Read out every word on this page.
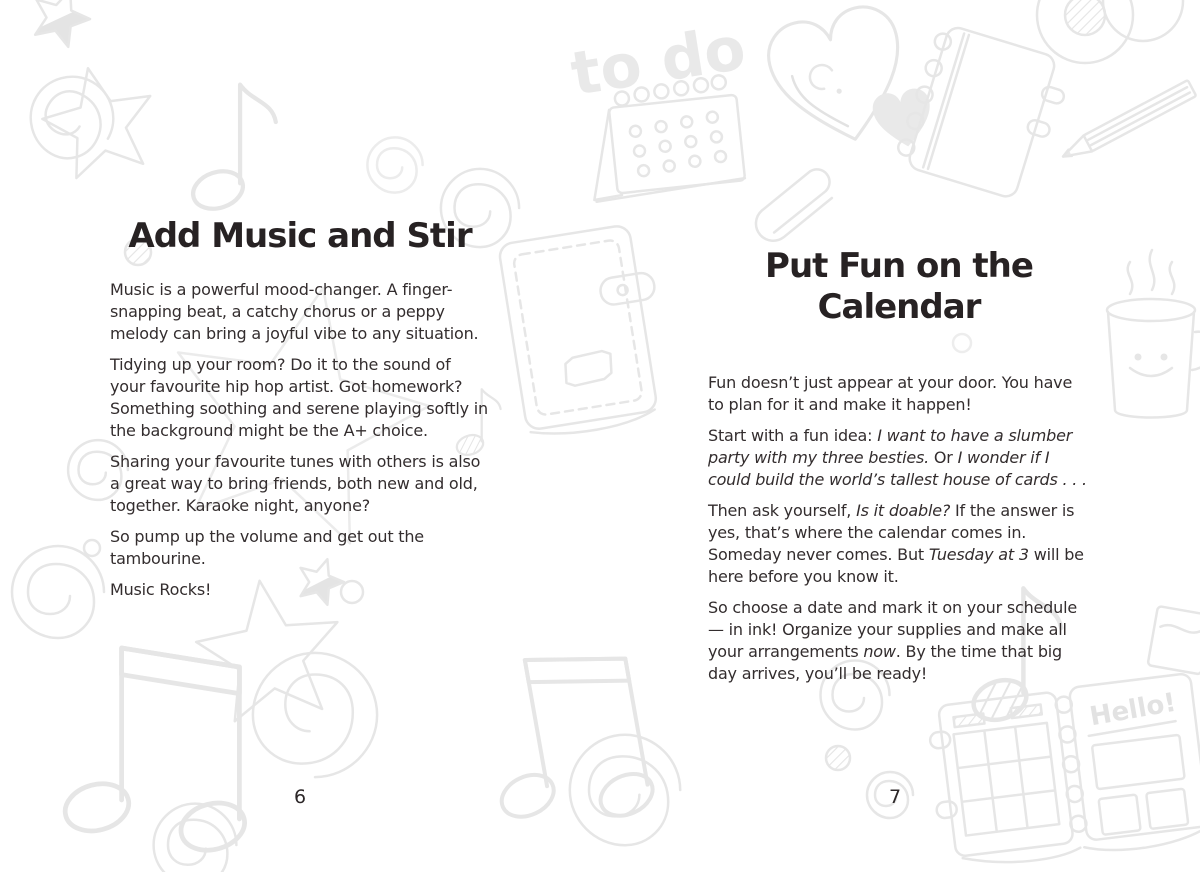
to do
Hello!
Add Music and Stir

Music is a powerful mood-changer. A finger-snapping beat, a catchy chorus or a peppy melody can bring a joyful vibe to any situation.

Tidying up your room? Do it to the sound of your favourite hip hop artist. Got homework? Something soothing and serene playing softly in the background might be the A+ choice.

Sharing your favourite tunes with others is also a great way to bring friends, both new and old, together. Karaoke night, anyone?

So pump up the volume and get out the tambourine.

Music Rocks!

Put Fun on the
Calendar

Fun doesn’t just appear at your door. You have to plan for it and make it happen!

Start with a fun idea: I want to have a slumber party with my three besties. Or I wonder if I could build the world’s tallest house of cards . . .

Then ask yourself, Is it doable? If the answer is yes, that’s where the calendar comes in. Someday never comes. But Tuesday at 3 will be here before you know it.

So choose a date and mark it on your schedule — in ink! Organize your supplies and make all your arrangements now. By the time that big day arrives, you’ll be ready!

6	7
